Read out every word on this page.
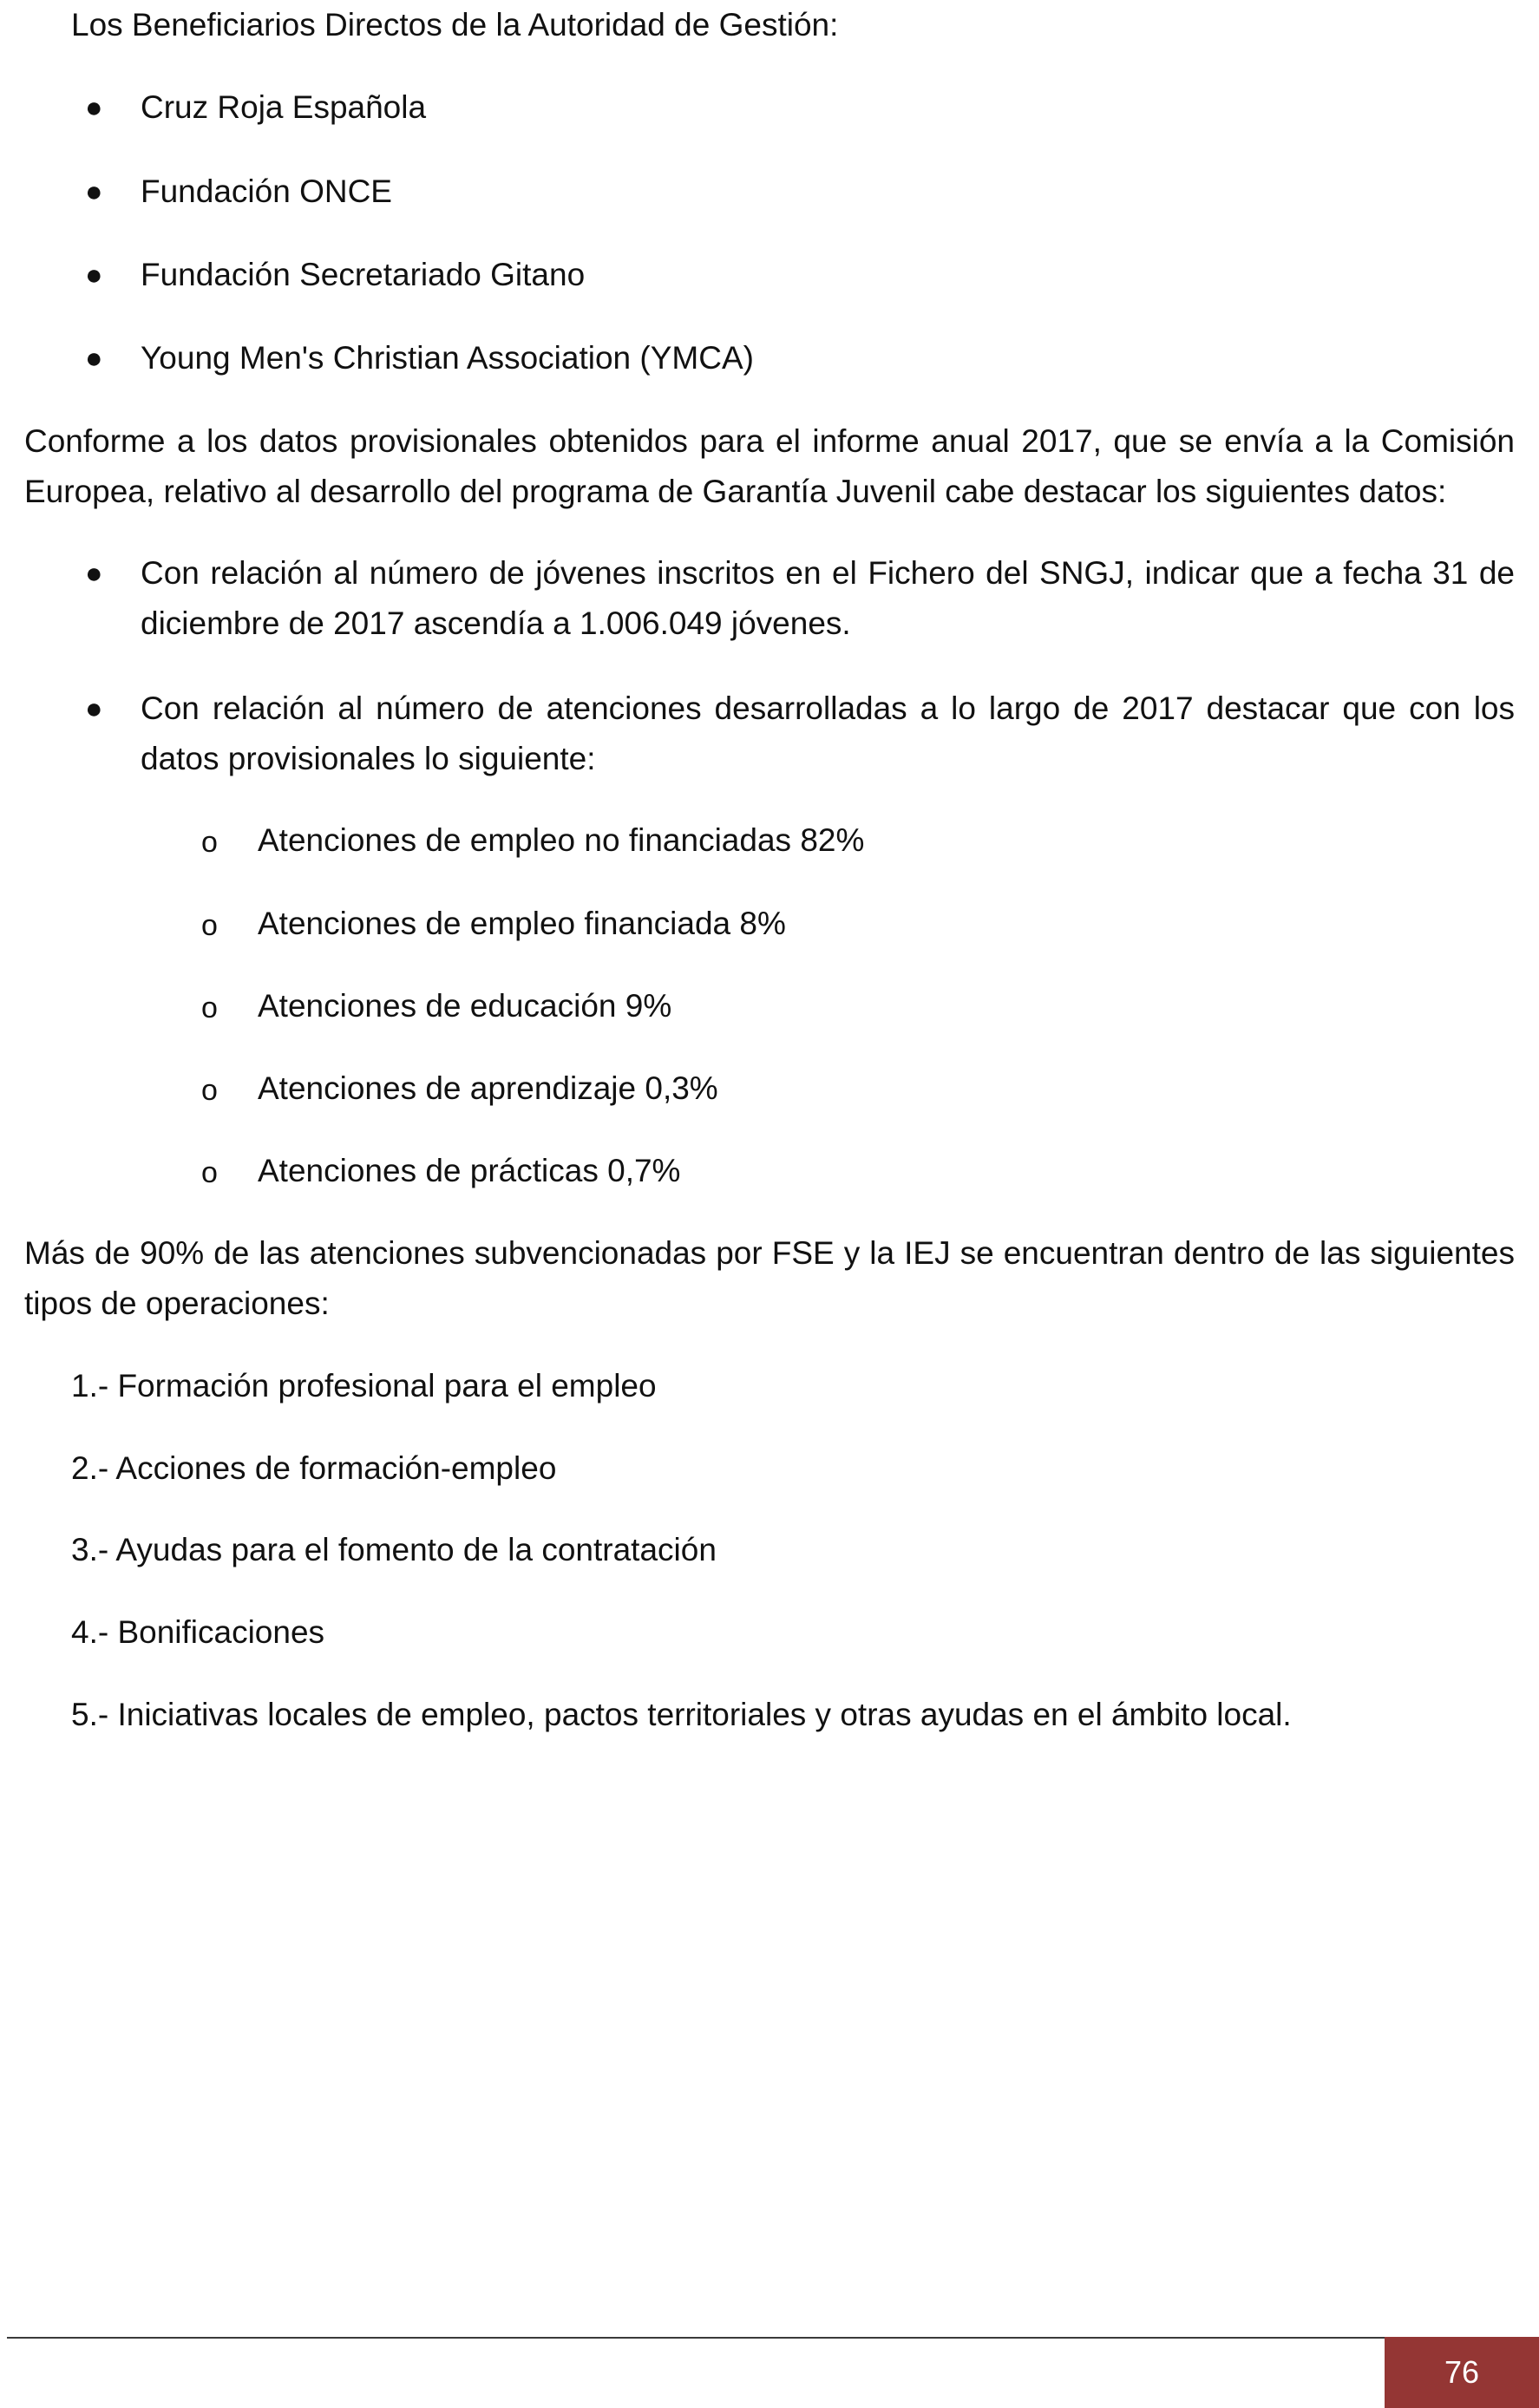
Los Beneficiarios Directos de la Autoridad de Gestión:
● Cruz Roja Española
● Fundación ONCE
● Fundación Secretariado Gitano
● Young Men's Christian Association (YMCA)
Conforme a los datos provisionales obtenidos para el informe anual 2017, que se envía a la Comisión Europea, relativo al desarrollo del programa de Garantía Juvenil cabe destacar los siguientes datos:
● Con relación al número de jóvenes inscritos en el Fichero del SNGJ, indicar que a fecha 31 de diciembre de 2017 ascendía a 1.006.049 jóvenes.
● Con relación al número de atenciones desarrolladas a lo largo de 2017 destacar que con los datos provisionales lo siguiente:
o Atenciones de empleo no financiadas 82%
o Atenciones de empleo financiada 8%
o Atenciones de educación 9%
o Atenciones de aprendizaje 0,3%
o Atenciones de prácticas 0,7%
Más de 90% de las atenciones subvencionadas por FSE y la IEJ se encuentran dentro de las siguientes tipos de operaciones:
1.- Formación profesional para el empleo
2.- Acciones de formación-empleo
3.- Ayudas para el fomento de la contratación
4.- Bonificaciones
5.- Iniciativas locales de empleo, pactos territoriales y otras ayudas en el ámbito local.
76
